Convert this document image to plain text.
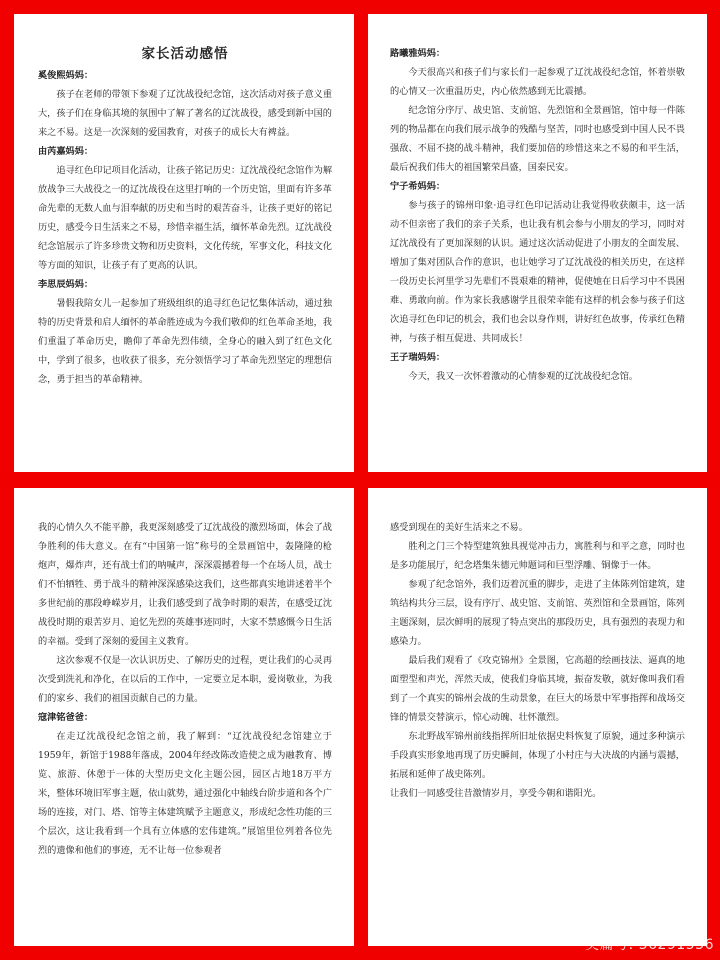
家长活动感悟
奚俊熙妈妈：

孩子在老师的带领下参观了辽沈战役纪念馆，这次活动对孩子意义重大，孩子们在身临其境的氛围中了解了著名的辽沈战役，感受到新中国的来之不易。这是一次深刻的爱国教育，对孩子的成长大有裨益。

由芮嘉妈妈：

追寻红色印记项目化活动，让孩子铭记历史：辽沈战役纪念馆作为解放战争三大战役之一的辽沈战役在这里打响的一个历史馆，里面有许多革命先辈的无数人血与泪奉献的历史和当时的艰苦奋斗，让孩子更好的铭记历史，感受今日生活来之不易，珍惜幸福生活，缅怀革命先烈。辽沈战役纪念馆展示了许多珍贵文物和历史资料，文化传统，军事文化，科技文化等方面的知识，让孩子有了更高的认识。

李思辰妈妈：

暑假我陪女儿一起参加了班级组织的追寻红色记忆集体活动，通过独特的历史背景和启人缅怀的革命胜迹成为今我们敬仰的红色革命圣地，我们重温了革命历史，瞻仰了革命先烈伟绩，全身心的融入到了红色文化中，学到了很多，也收获了很多，充分领悟学习了革命先烈坚定的理想信念，勇于担当的革命精神。

路曦雅妈妈：

今天很高兴和孩子们与家长们一起参观了辽沈战役纪念馆，怀着崇敬的心情又一次重温历史，内心依然感到无比震撼。

纪念馆分序厅、战史馆、支前馆、先烈馆和全景画馆，馆中每一件陈列的物品都在向我们展示战争的残酷与坚苦，同时也感受到中国人民不畏强敌、不屈不挠的战斗精神，我们要加倍的珍惜这来之不易的和平生活，最后祝我们伟大的祖国繁荣昌盛，国泰民安。

宁子希妈妈：

参与孩子的锦州印象·追寻红色印记活动让我觉得收获颇丰，这一活动不但亲密了我们的亲子关系，也让我有机会参与小朋友的学习，同时对辽沈战役有了更加深刻的认识。通过这次活动促进了小朋友的全面发展、增加了集对团队合作的意识，也让她学习了辽沈战役的相关历史，在这样一段历史长河里学习先辈们不畏艰难的精神，促使她在日后学习中不畏困难、勇敢向前。作为家长我感谢学且很荣幸能有这样的机会参与孩子们这次追寻红色印记的机会，我们也会以身作则，讲好红色故事，传承红色精神，与孩子相互促进、共同成长！

王子瑞妈妈：

今天，我又一次怀着激动的心情参观的辽沈战役纪念馆。

我的心情久久不能平静，我更深刻感受了辽沈战役的激烈场面，体会了战争胜利的伟大意义。在有“中国第一馆”称号的全景画馆中，轰隆隆的枪炮声，爆炸声，还有战士们的呐喊声，深深震撼着每一个在场人员，战士们不怕牺牲、勇于战斗的精神深深感染这我们，这些都真实地讲述着半个多世纪前的那段峥嵘岁月，让我们感受到了战争时期的艰苦，在感受辽沈战役时期的艰苦岁月、追忆先烈的英雄事迹同时，大家不禁感慨今日生活的幸福。受到了深刻的爱国主义教育。

这次参观不仅是一次认识历史、了解历史的过程，更让我们的心灵再次受到洗礼和净化，在以后的工作中，一定要立足本职，爱岗敬业，为我们的家乡、我们的祖国贡献自己的力量。

寇津铭爸爸：

在走辽沈战役纪念馆之前，我了解到：“辽沈战役纪念馆建立于1959年，新馆于1988年落成，2004年经改陈改造使之成为融教育、博览、旅游、休憩于一体的大型历史文化主题公园，园区占地18万平方米，整体环境旧军事主题，依山就势，通过强化中轴线台阶步道和各个广场的连接，对门、塔、馆等主体建筑赋予主题意义，形成纪念性功能的三个层次，这让我看到一个具有立体感的宏伟建筑。”展馆里位列着各位先烈的遗像和他们的事迹，无不让每一位参观者

感受到现在的美好生活来之不易。

胜利之门三个特型建筑独具视觉冲击力，寓胜利与和平之意，同时也是多功能展厅，纪念塔集朱德元帅题词和巨型浮雕、铜像于一体。

参观了纪念馆外，我们迈着沉重的脚步，走进了主体陈列馆建筑，建筑结构共分三层，设有序厅、战史馆、支前馆、英烈馆和全景画馆，陈列主题深刻，层次鲜明的展现了特点突出的那段历史，具有强烈的表现力和感染力。

最后我们观看了《攻克锦州》全景图，它高超的绘画技法、逼真的地面塑型和声光，浑然天成，使我们身临其境，振奋发敬，就好像叫我们看到了一个真实的锦州会战的生动景象，在巨大的场景中军事指挥和战场交锋的情景交替演示，惊心动魄、壮怀激烈。

东北野战军锦州前线指挥所旧址依据史料恢复了原貌，通过多种演示手段真实形象地再现了历史瞬间，体现了小村庄与大决战的内涵与震撼，拓展和延伸了战史陈列。

让我们一同感受往昔激情岁月，享受今朝和谐阳光。

美篇号: 56291536
